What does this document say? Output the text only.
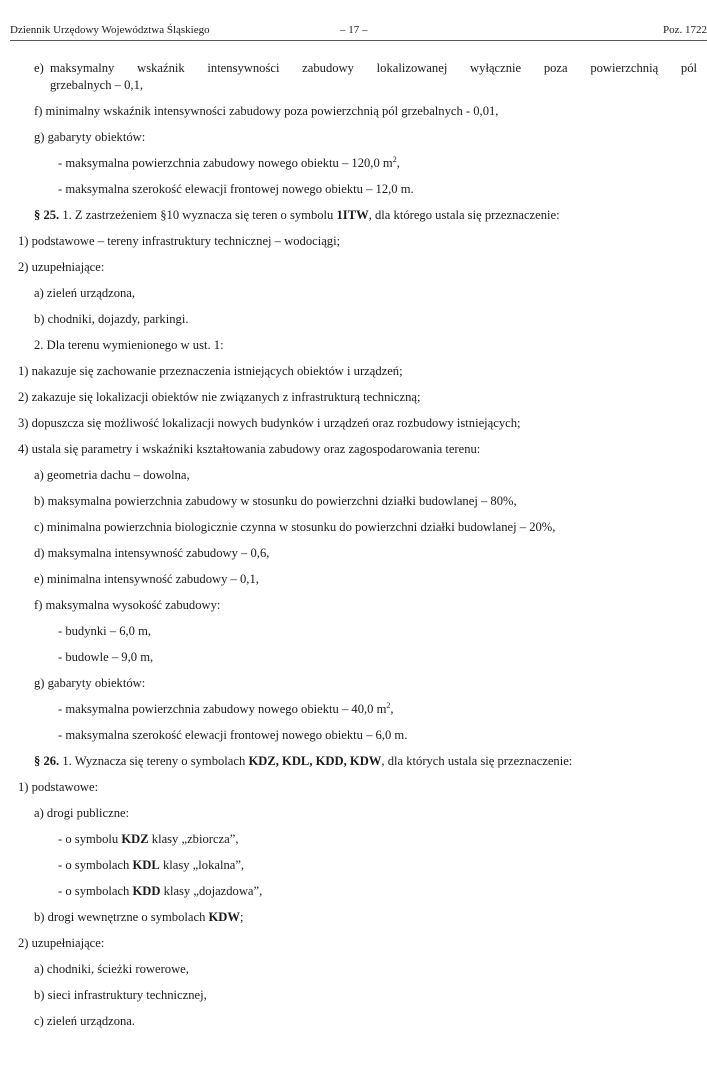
Dziennik Urzędowy Województwa Śląskiego	– 17 –	Poz. 1722
e) maksymalny wskaźnik intensywności zabudowy lokalizowanej wyłącznie poza powierzchnią pól
grzebalnych – 0,1,
f) minimalny wskaźnik intensywności zabudowy poza powierzchnią pól grzebalnych - 0,01,
g) gabaryty obiektów:
- maksymalna powierzchnia zabudowy nowego obiektu – 120,0 $m^2$,
- maksymalna szerokość elewacji frontowej nowego obiektu – 12,0 m.
§ 25. 1. Z zastrzeżeniem §10 wyznacza się teren o symbolu 1ITW, dla którego ustala się przeznaczenie:
1) podstawowe – tereny infrastruktury technicznej – wodociągi;
2) uzupełniające:
a) zieleń urządzona,
b) chodniki, dojazdy, parkingi.
2. Dla terenu wymienionego w ust. 1:
1) nakazuje się zachowanie przeznaczenia istniejących obiektów i urządzeń;
2) zakazuje się lokalizacji obiektów nie związanych z infrastrukturą techniczną;
3) dopuszcza się możliwość lokalizacji nowych budynków i urządzeń oraz rozbudowy istniejących;
4) ustala się parametry i wskaźniki kształtowania zabudowy oraz zagospodarowania terenu:
a) geometria dachu – dowolna,
b) maksymalna powierzchnia zabudowy w stosunku do powierzchni działki budowlanej – 80%,
c) minimalna powierzchnia biologicznie czynna w stosunku do powierzchni działki budowlanej – 20%,
d) maksymalna intensywność zabudowy – 0,6,
e) minimalna intensywność zabudowy – 0,1,
f) maksymalna wysokość zabudowy:
- budynki – 6,0 m,
- budowle – 9,0 m,
g) gabaryty obiektów:
- maksymalna powierzchnia zabudowy nowego obiektu – 40,0 $m^2$,
- maksymalna szerokość elewacji frontowej nowego obiektu – 6,0 m.
§ 26. 1. Wyznacza się tereny o symbolach KDZ, KDL, KDD, KDW, dla których ustala się przeznaczenie:
1) podstawowe:
a) drogi publiczne:
- o symbolu KDZ klasy „zbiorcza”,
- o symbolach KDL klasy „lokalna”,
- o symbolach KDD klasy „dojazdowa”,
b) drogi wewnętrzne o symbolach KDW;
2) uzupełniające:
a) chodniki, ścieżki rowerowe,
b) sieci infrastruktury technicznej,
c) zieleń urządzona.
